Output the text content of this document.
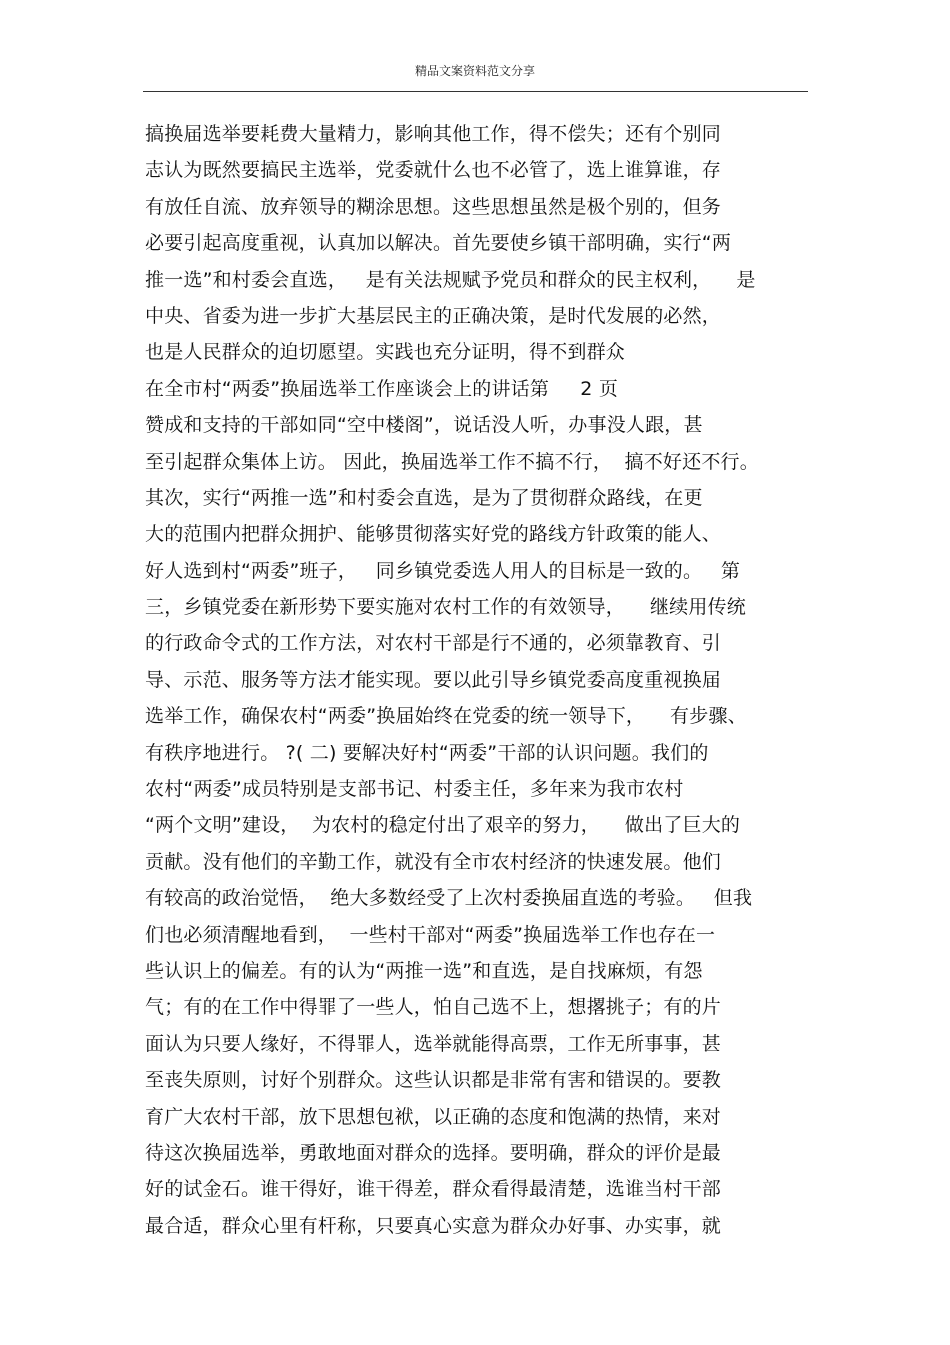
精品文案资料范文分享
搞换届选举要耗费大量精力，影响其他工作，得不偿失；还有个别同
志认为既然要搞民主选举，党委就什么也不必管了，选上谁算谁，存
有放任自流、放弃领导的糊涂思想。这些思想虽然是极个别的，但务
必要引起高度重视，认真加以解决。首先要使乡镇干部明确，实行“两
推一选”和村委会直选，   是有关法规赋予党员和群众的民主权利，    是
中央、省委为进一步扩大基层民主的正确决策，是时代发展的必然，
也是人民群众的迫切愿望。实践也充分证明，得不到群众
在全市村“两委”换届选举工作座谈会上的讲话第     2 页
赞成和支持的干部如同“空中楼阁”，说话没人听，办事没人跟，甚
至引起群众集体上访。 因此，换届选举工作不搞不行，  搞不好还不行。
其次，实行“两推一选”和村委会直选，是为了贯彻群众路线，在更
大的范围内把群众拥护、能够贯彻落实好党的路线方针政策的能人、
好人选到村“两委”班子，   同乡镇党委选人用人的目标是一致的。   第
三，乡镇党委在新形势下要实施对农村工作的有效领导，    继续用传统
的行政命令式的工作方法，对农村干部是行不通的，必须靠教育、引
导、示范、服务等方法才能实现。要以此引导乡镇党委高度重视换届
选举工作，确保农村“两委”换届始终在党委的统一领导下，    有步骤、
有秩序地进行。 ?( 二) 要解决好村“两委”干部的认识问题。我们的
农村“两委”成员特别是支部书记、村委主任，多年来为我市农村
“两个文明”建设，  为农村的稳定付出了艰辛的努力，    做出了巨大的
贡献。没有他们的辛勤工作，就没有全市农村经济的快速发展。他们
有较高的政治觉悟，  绝大多数经受了上次村委换届直选的考验。   但我
们也必须清醒地看到，  一些村干部对“两委”换届选举工作也存在一
些认识上的偏差。有的认为“两推一选”和直选，是自找麻烦，有怨
气；有的在工作中得罪了一些人，怕自己选不上，想撂挑子；有的片
面认为只要人缘好，不得罪人，选举就能得高票，工作无所事事，甚
至丧失原则，讨好个别群众。这些认识都是非常有害和错误的。要教
育广大农村干部，放下思想包袱，以正确的态度和饱满的热情，来对
待这次换届选举，勇敢地面对群众的选择。要明确，群众的评价是最
好的试金石。谁干得好，谁干得差，群众看得最清楚，选谁当村干部
最合适，群众心里有杆称，只要真心实意为群众办好事、办实事，就
